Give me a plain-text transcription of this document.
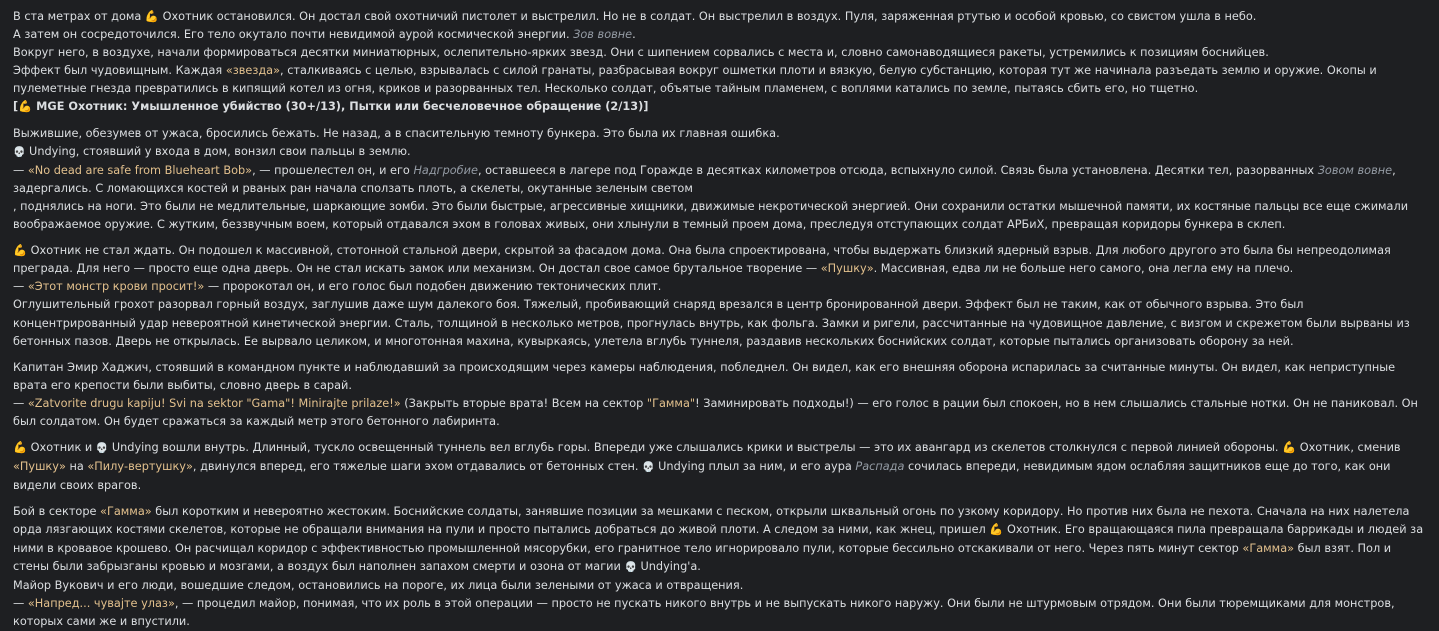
В ста метрах от дома 💪 Охотник остановился. Он достал свой охотничий пистолет и выстрелил. Но не в солдат. Он выстрелил в воздух. Пуля, заряженная ртутью и особой кровью, со свистом ушла в небо.
А затем он сосредоточился. Его тело окутало почти невидимой аурой космической энергии. Зов вовне.
Вокруг него, в воздухе, начали формироваться десятки миниатюрных, ослепительно-ярких звезд. Они с шипением сорвались с места и, словно самонаводящиеся ракеты, устремились к позициям боснийцев.
Эффект был чудовищным. Каждая «звезда», сталкиваясь с целью, взрывалась с силой гранаты, разбрасывая вокруг ошметки плоти и вязкую, белую субстанцию, которая тут же начинала разъедать землю и оружие. Окопы и пулеметные гнезда превратились в кипящий котел из огня, криков и разорванных тел. Несколько солдат, объятые тайным пламенем, с воплями катались по земле, пытаясь сбить его, но тщетно.
[💪 MGE Охотник: Умышленное убийство (30+/13), Пытки или бесчеловечное обращение (2/13)]
Выжившие, обезумев от ужаса, бросились бежать. Не назад, а в спасительную темноту бункера. Это была их главная ошибка.
💀 Undying, стоявший у входа в дом, вонзил свои пальцы в землю.
— «No dead are safe from Blueheart Bob», — прошелестел он, и его Надгробие, оставшееся в лагере под Горажде в десятках километров отсюда, вспыхнуло силой. Связь была установлена. Десятки тел, разорванных Зовом вовне, задергались. С ломающихся костей и рваных ран начала сползать плоть, а скелеты, окутанные зеленым светом
, поднялись на ноги. Это были не медлительные, шаркающие зомби. Это были быстрые, агрессивные хищники, движимые некротической энергией. Они сохранили остатки мышечной памяти, их костяные пальцы все еще сжимали воображаемое оружие. С жутким, беззвучным воем, который отдавался эхом в головах живых, они хлынули в темный проем дома, преследуя отступающих солдат АРБиХ, превращая коридоры бункера в склеп.
💪 Охотник не стал ждать. Он подошел к массивной, стотонной стальной двери, скрытой за фасадом дома. Она была спроектирована, чтобы выдержать близкий ядерный взрыв. Для любого другого это была бы непреодолимая преграда. Для него — просто еще одна дверь. Он не стал искать замок или механизм. Он достал свое самое брутальное творение — «Пушку». Массивная, едва ли не больше него самого, она легла ему на плечо.
— «Этот монстр крови просит!» — пророкотал он, и его голос был подобен движению тектонических плит.
Оглушительный грохот разорвал горный воздух, заглушив даже шум далекого боя. Тяжелый, пробивающий снаряд врезался в центр бронированной двери. Эффект был не таким, как от обычного взрыва. Это был концентрированный удар невероятной кинетической энергии. Сталь, толщиной в несколько метров, прогнулась внутрь, как фольга. Замки и ригели, рассчитанные на чудовищное давление, с визгом и скрежетом были вырваны из бетонных пазов. Дверь не открылась. Ее вырвало целиком, и многотонная махина, кувыркаясь, улетела вглубь туннеля, раздавив нескольких боснийских солдат, которые пытались организовать оборону за ней.
Капитан Эмир Хаджич, стоявший в командном пункте и наблюдавший за происходящим через камеры наблюдения, побледнел. Он видел, как его внешняя оборона испарилась за считанные минуты. Он видел, как неприступные врата его крепости были выбиты, словно дверь в сарай.
— «Zatvorite drugu kapiju! Svi na sektor "Gama"! Minirajte prilaze!» (Закрыть вторые врата! Всем на сектор "Гамма"! Заминировать подходы!) — его голос в рации был спокоен, но в нем слышались стальные нотки. Он не паниковал. Он был солдатом. Он будет сражаться за каждый метр этого бетонного лабиринта.
💪 Охотник и 💀 Undying вошли внутрь. Длинный, тускло освещенный туннель вел вглубь горы. Впереди уже слышались крики и выстрелы — это их авангард из скелетов столкнулся с первой линией обороны. 💪 Охотник, сменив «Пушку» на «Пилу-вертушку», двинулся вперед, его тяжелые шаги эхом отдавались от бетонных стен. 💀 Undying плыл за ним, и его аура Распада сочилась впереди, невидимым ядом ослабляя защитников еще до того, как они видели своих врагов.
Бой в секторе «Гамма» был коротким и невероятно жестоким. Боснийские солдаты, занявшие позиции за мешками с песком, открыли шквальный огонь по узкому коридору. Но против них была не пехота. Сначала на них налетела орда лязгающих костями скелетов, которые не обращали внимания на пули и просто пытались добраться до живой плоти. А следом за ними, как жнец, пришел 💪 Охотник. Его вращающаяся пила превращала баррикады и людей за ними в кровавое крошево. Он расчищал коридор с эффективностью промышленной мясорубки, его гранитное тело игнорировало пули, которые бессильно отскакивали от него. Через пять минут сектор «Гамма» был взят. Пол и стены были забрызганы кровью и мозгами, а воздух был наполнен запахом смерти и озона от магии 💀 Undying'а.
Майор Вукович и его люди, вошедшие следом, остановились на пороге, их лица были зелеными от ужаса и отвращения.
— «Напред... чувајте улаз», — процедил майор, понимая, что их роль в этой операции — просто не пускать никого внутрь и не выпускать никого наружу. Они были не штурмовым отрядом. Они были тюремщиками для монстров, которых сами же и впустили.
